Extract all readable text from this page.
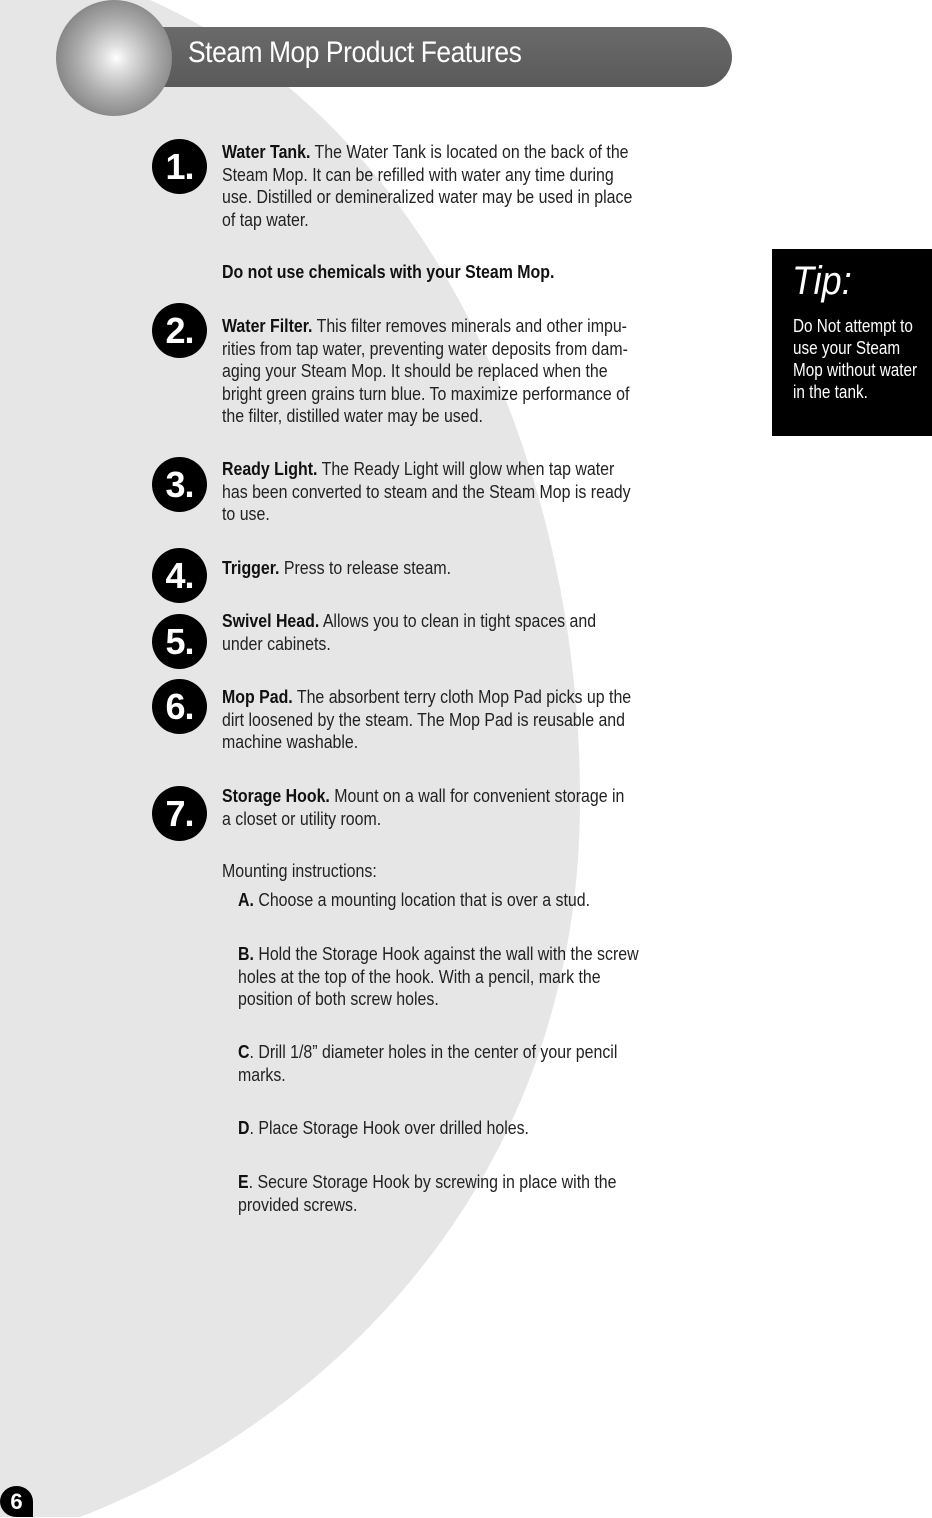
Steam Mop Product Features
1.	Water Tank. The Water Tank is located on the back of the Steam Mop. It can be refilled with water any time during use. Distilled or demineralized water may be used in place of tap water.
Do not use chemicals with your Steam Mop.
2.	Water Filter. This filter removes minerals and other impu-rities from tap water, preventing water deposits from dam-aging your Steam Mop. It should be replaced when the bright green grains turn blue. To maximize performance of the filter, distilled water may be used.
3.	Ready Light. The Ready Light will glow when tap water has been converted to steam and the Steam Mop is ready to use.
4.	Trigger. Press to release steam.
5.
Swivel Head. Allows you to clean in tight spaces and under cabinets.
6.	Mop Pad. The absorbent terry cloth Mop Pad picks up the dirt loosened by the steam. The Mop Pad is reusable and machine washable.
7.	Storage Hook. Mount on a wall for convenient storage in a closet or utility room.
Mounting instructions:
A. Choose a mounting location that is over a stud.
B. Hold the Storage Hook against the wall with the screw holes at the top of the hook. With a pencil, mark the position of both screw holes.
C. Drill 1/8” diameter holes in the center of your pencil marks.
D. Place Storage Hook over drilled holes.
E. Secure Storage Hook by screwing in place with the provided screws.
Tip:
Do Not attempt to use your Steam Mop without water in the tank.
6
